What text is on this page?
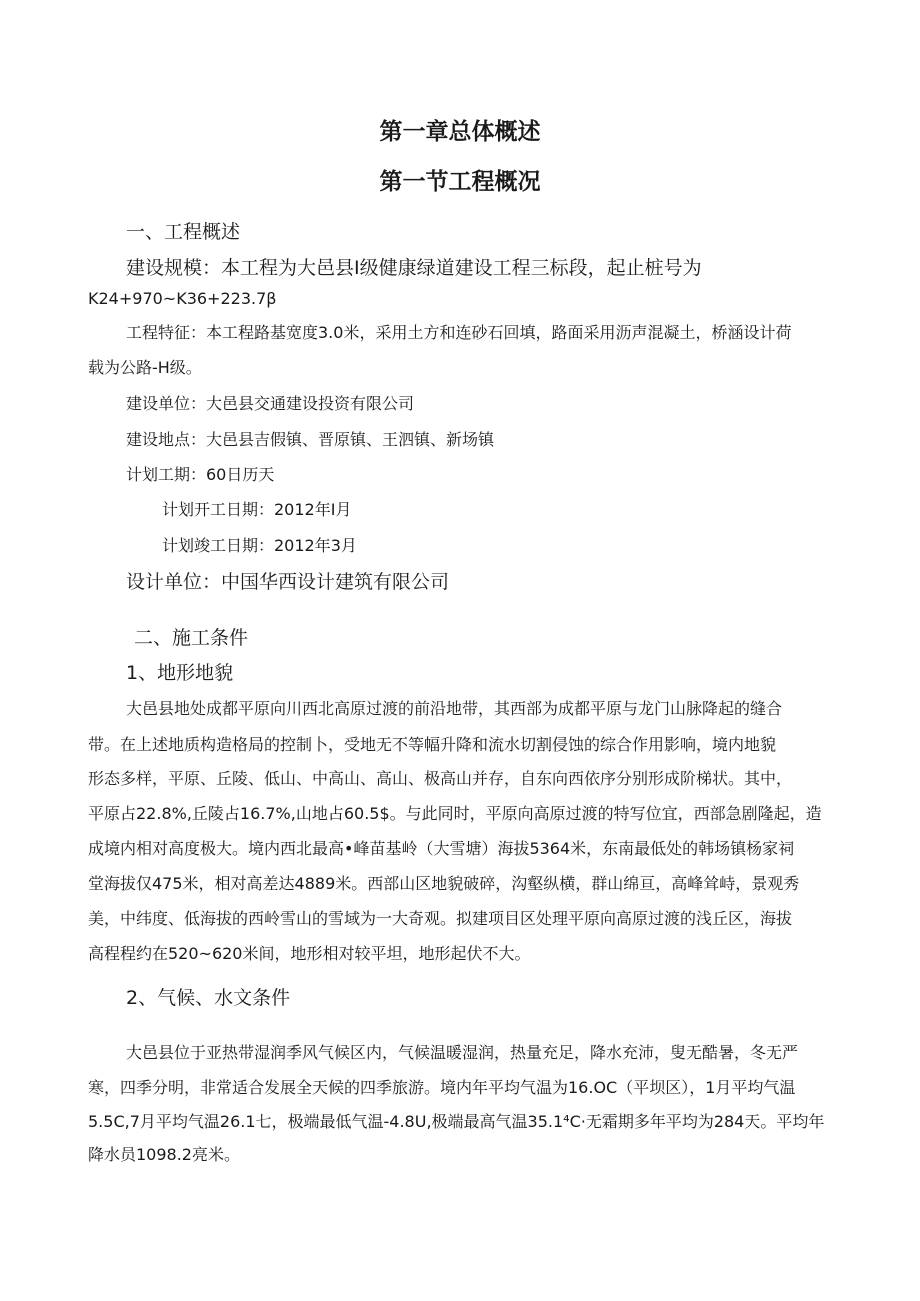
第一章总体概述
第一节工程概况
一、工程概述
建设规模：本工程为大邑县I级健康绿道建设工程三标段，起止桩号为
K24+970~K36+223.7β
工程特征：本工程路基宽度3.0米，采用土方和连砂石回填，路面采用沥声混凝土，桥涵设计荷
载为公路-H级。
建设单位：大邑县交通建设投资有限公司
建设地点：大邑县吉假镇、晋原镇、王泗镇、新场镇
计划工期：60日历天
计划开工日期：2012年I月
计划竣工日期：2012年3月
设计单位：中国华西设计建筑有限公司
二、施工条件
1、地形地貌
大邑县地处成都平原向川西北高原过渡的前沿地带，其西部为成都平原与龙门山脉降起的缝合
带。在上述地质构造格局的控制卜，受地无不等幅升降和流水切割侵蚀的综合作用影响，境内地貌
形态多样，平原、丘陵、低山、中高山、高山、极高山并存，自东向西依序分别形成阶梯状。其中，
平原占22.8%,丘陵占16.7%,山地占60.5$。与此同时，平原向高原过渡的特写位宜，西部急剧隆起，造
成境内相对高度极大。境内西北最高•峰苗基岭（大雪塘）海拔5364米，东南最低处的韩场镇杨家祠
堂海拔仅475米，相对高差达4889米。西部山区地貌破碎，沟壑纵横，群山绵亘，高峰耸峙，景观秀
美，中纬度、低海拔的西岭雪山的雪域为一大奇观。拟建项目区处理平原向高原过渡的浅丘区，海拔
高程程约在520~620米间，地形相对较平坦，地形起伏不大。
2、气候、水文条件
大邑县位于亚热带湿润季风气候区内，气候温暖湿润，热量充足，降水充沛，叟无酷暑，冬无严
寒，四季分明，非常适合发展全天候的四季旅游。境内年平均气温为16.OC（平坝区），1月平均气温
5.5C,7月平均气温26.1七，极端最低气温-4.8U,极端最高气温35.1⁴C·无霜期多年平均为284天。平均年
降水员1098.2亮米。
